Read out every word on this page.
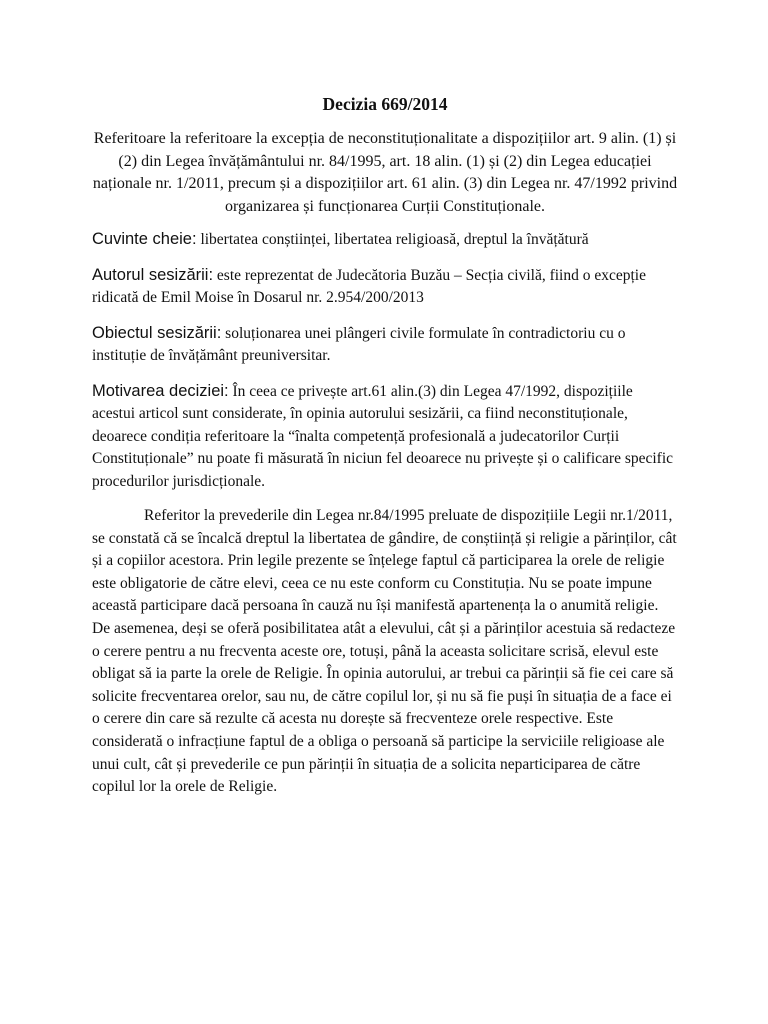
Decizia 669/2014

Referitoare la referitoare la excepția de neconstituționalitate a dispozițiilor art. 9 alin. (1) și (2) din Legea învățământului nr. 84/1995, art. 18 alin. (1) și (2) din Legea educației naționale nr. 1/2011, precum și a dispozițiilor art. 61 alin. (3) din Legea nr. 47/1992 privind organizarea și funcționarea Curții Constituționale.

Cuvinte cheie: libertatea conștiinței, libertatea religioasă, dreptul la învățătură

Autorul sesizării: este reprezentat de Judecătoria Buzău – Secția civilă, fiind o excepție ridicată de Emil Moise în Dosarul nr. 2.954/200/2013

Obiectul sesizării: soluționarea unei plângeri civile formulate în contradictoriu cu o instituție de învățământ preuniversitar.

Motivarea deciziei: În ceea ce privește art.61 alin.(3) din Legea 47/1992, dispozițiile acestui articol sunt considerate, în opinia autorului sesizării, ca fiind neconstituționale, deoarece condiția referitoare la “înalta competență profesională a judecatorilor Curții Constituționale” nu poate fi măsurată în niciun fel deoarece nu privește și o calificare specific procedurilor jurisdicționale.

Referitor la prevederile din Legea nr.84/1995 preluate de dispozițiile Legii nr.1/2011, se constată că se încalcă dreptul la libertatea de gândire, de conștiință și religie a părinților, cât și a copiilor acestora. Prin legile prezente se înțelege faptul că participarea la orele de religie este obligatorie de către elevi, ceea ce nu este conform cu Constituția. Nu se poate impune această participare dacă persoana în cauză nu își manifestă apartenența la o anumită religie. De asemenea, deși se oferă posibilitatea atât a elevului, cât și a părinților acestuia să redacteze o cerere pentru a nu frecventa aceste ore, totuși, până la aceasta solicitare scrisă, elevul este obligat să ia parte la orele de Religie. În opinia autorului, ar trebui ca părinții să fie cei care să solicite frecventarea orelor, sau nu, de către copilul lor, și nu să fie puși în situația de a face ei o cerere din care să rezulte că acesta nu dorește să frecventeze orele respective. Este considerată o infracțiune faptul de a obliga o persoană să participe la serviciile religioase ale unui cult, cât și prevederile ce pun părinții în situația de a solicita neparticiparea de către copilul lor la orele de Religie.
